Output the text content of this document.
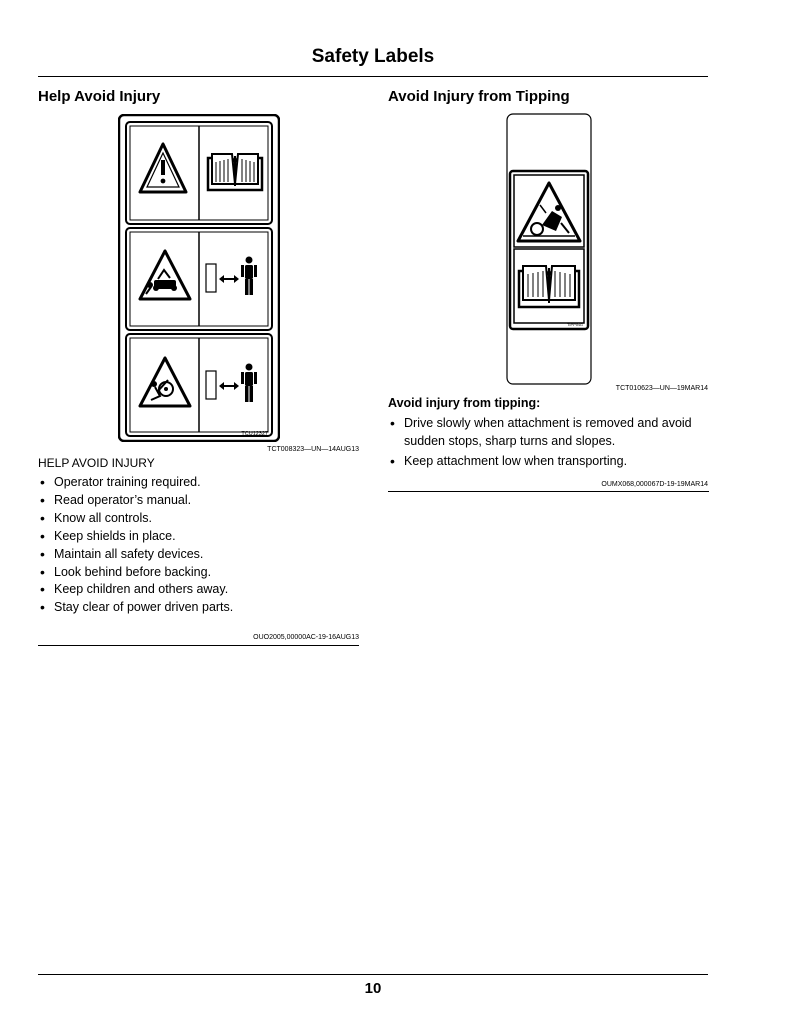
Safety Labels
Help Avoid Injury
TCU12327
TCT008323—UN—14AUG13
HELP AVOID INJURY
• Operator training required.
• Read operator’s manual.
• Know all controls.
• Keep shields in place.
• Maintain all safety devices.
• Look behind before backing.
• Keep children and others away.
• Stay clear of power driven parts.
OUO2005,00000AC-19-16AUG13
Avoid Injury from Tipping
TIPPING
TCT010623—UN—19MAR14
Avoid injury from tipping:
• Drive slowly when attachment is removed and avoid sudden stops, sharp turns and slopes.
• Keep attachment low when transporting.
OUMX068,000067D-19-19MAR14
10
